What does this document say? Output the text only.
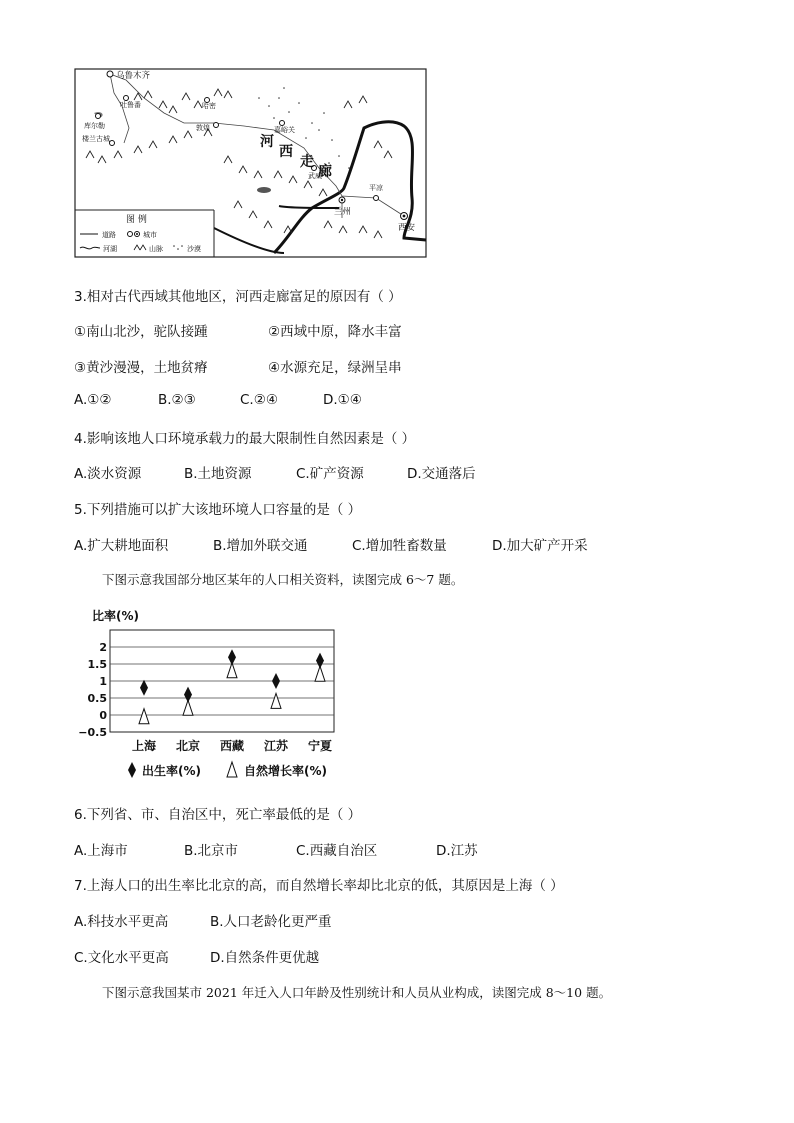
乌鲁木齐
吐鲁番	哈密
库尔勒
楼兰古城
敦煌	嘉峪关
武威
兰州
平凉
西安
河
西
走
廊
图 例
道路	城市
河湖	山脉	沙漠
3.相对古代西域其他地区，河西走廊富足的原因有（ ）
①南山北沙，驼队接踵	②西域中原，降水丰富
③黄沙漫漫，土地贫瘠	④水源充足，绿洲呈串
A.①②	B.②③	C.②④	D.①④
4.影响该地人口环境承载力的最大限制性自然因素是（ ）
A.淡水资源	B.土地资源	C.矿产资源	D.交通落后
5.下列措施可以扩大该地环境人口容量的是（ ）
A.扩大耕地面积	B.增加外联交通	C.增加牲畜数量	D.加大矿产开采
下图示意我国部分地区某年的人口相关资料，读图完成 6～7 题。
比率(%)
2
1.5
1
0.5
0
−0.5
上海 北京 西藏 江苏 宁夏
出生率(%)	自然增长率(%)
6.下列省、市、自治区中，死亡率最低的是（ ）
A.上海市	B.北京市	C.西藏自治区	D.江苏
7.上海人口的出生率比北京的高，而自然增长率却比北京的低，其原因是上海（ ）
A.科技水平更高	B.人口老龄化更严重
C.文化水平更高	D.自然条件更优越
下图示意我国某市 2021 年迁入人口年龄及性别统计和人员从业构成，读图完成 8～10 题。
